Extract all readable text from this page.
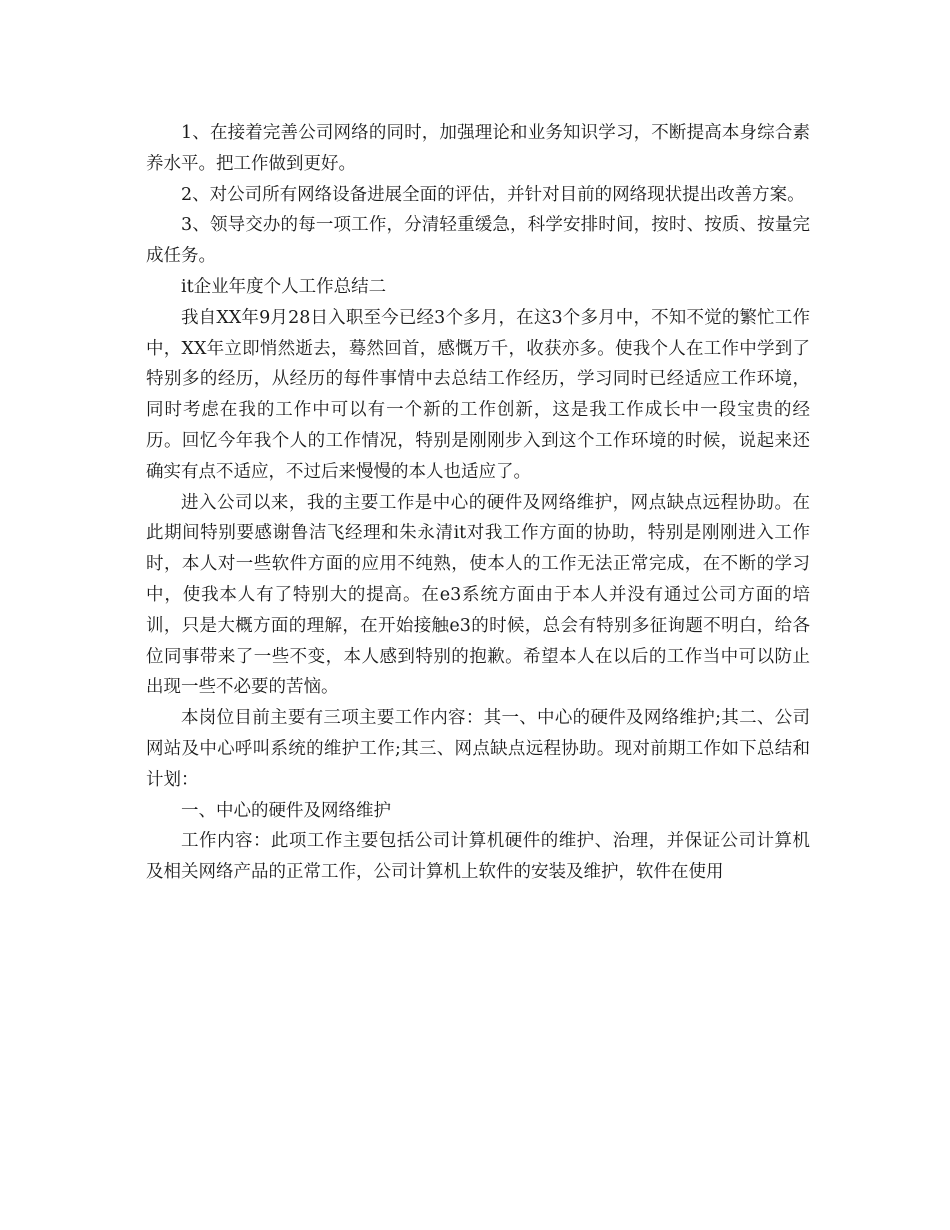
1、在接着完善公司网络的同时，加强理论和业务知识学习，不断提高本身综合素养水平。把工作做到更好。

2、对公司所有网络设备进展全面的评估，并针对目前的网络现状提出改善方案。

3、领导交办的每一项工作，分清轻重缓急，科学安排时间，按时、按质、按量完成任务。

it企业年度个人工作总结二

我自XX年9月28日入职至今已经3个多月，在这3个多月中，不知不觉的繁忙工作中，XX年立即悄然逝去，蓦然回首，感慨万千，收获亦多。使我个人在工作中学到了特别多的经历，从经历的每件事情中去总结工作经历，学习同时已经适应工作环境，同时考虑在我的工作中可以有一个新的工作创新，这是我工作成长中一段宝贵的经历。回忆今年我个人的工作情况，特别是刚刚步入到这个工作环境的时候，说起来还确实有点不适应，不过后来慢慢的本人也适应了。

进入公司以来，我的主要工作是中心的硬件及网络维护，网点缺点远程协助。在此期间特别要感谢鲁洁飞经理和朱永清it对我工作方面的协助，特别是刚刚进入工作时，本人对一些软件方面的应用不纯熟，使本人的工作无法正常完成，在不断的学习中，使我本人有了特别大的提高。在e3系统方面由于本人并没有通过公司方面的培训，只是大概方面的理解，在开始接触e3的时候，总会有特别多征询题不明白，给各位同事带来了一些不变，本人感到特别的抱歉。希望本人在以后的工作当中可以防止出现一些不必要的苦恼。

本岗位目前主要有三项主要工作内容：其一、中心的硬件及网络维护;其二、公司网站及中心呼叫系统的维护工作;其三、网点缺点远程协助。现对前期工作如下总结和计划：

一、中心的硬件及网络维护

工作内容：此项工作主要包括公司计算机硬件的维护、治理，并保证公司计算机及相关网络产品的正常工作，公司计算机上软件的安装及维护，软件在使用
